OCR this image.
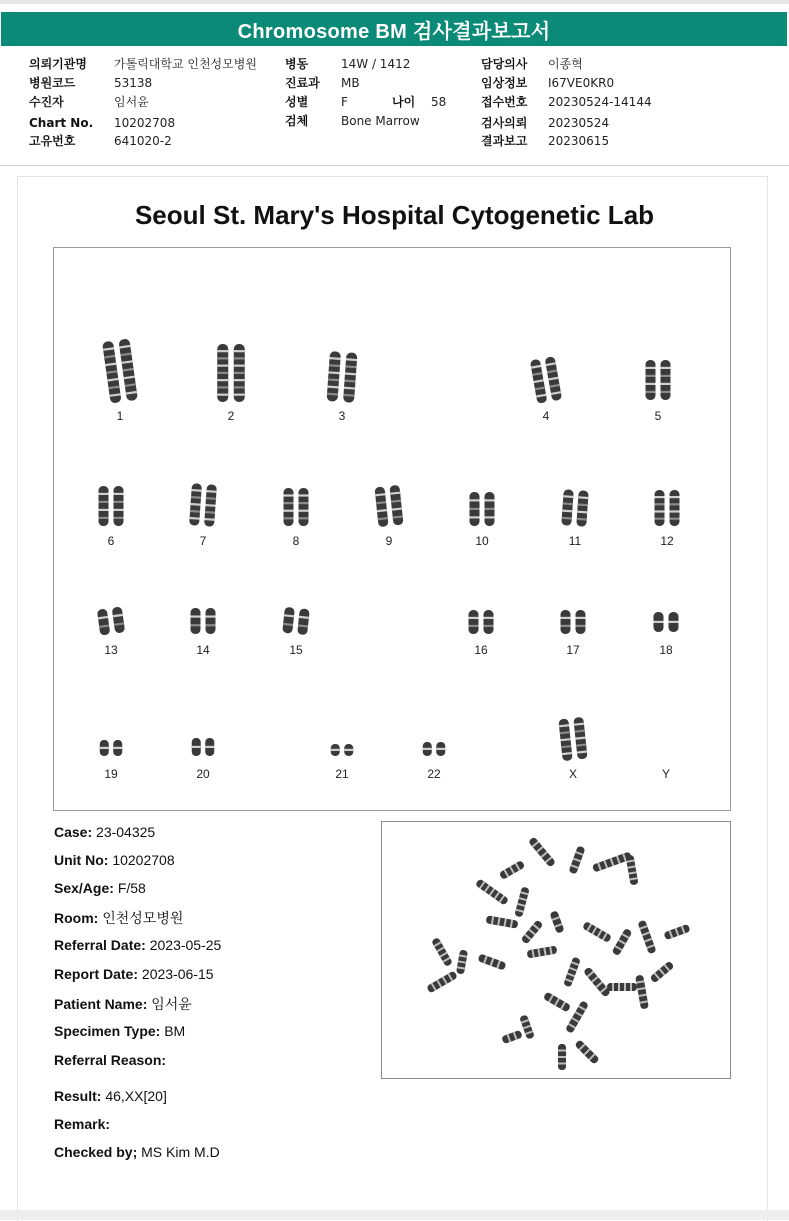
Chromosome BM 검사결과보고서
의뢰기관명 가톨릭대학교 인천성모병원
병원코드	53138
수진자	임서윤
Chart No. 10202708
고유번호	641020-2
병동	14W / 1412
진료과 MB
성별	F	나이 58
검체	Bone Marrow
담당의사 이종혁
임상정보 I67VE0KR0
접수번호 20230524-14144
검사의뢰 20230524
결과보고 20230615
Seoul St. Mary's Hospital Cytogenetic Lab
1	2	3	4	5
6	7	8	9	10	11	12
13	14	15	16	17	18
19	20	21	22	X	Y
Case: 23-04325
Unit No: 10202708
Sex/Age: F/58
Room: 인천성모병원
Referral Date: 2023-05-25
Report Date: 2023-06-15
Patient Name: 임서윤
Specimen Type: BM
Referral Reason:
Result: 46,XX[20]
Remark:
Checked by; MS Kim M.D
